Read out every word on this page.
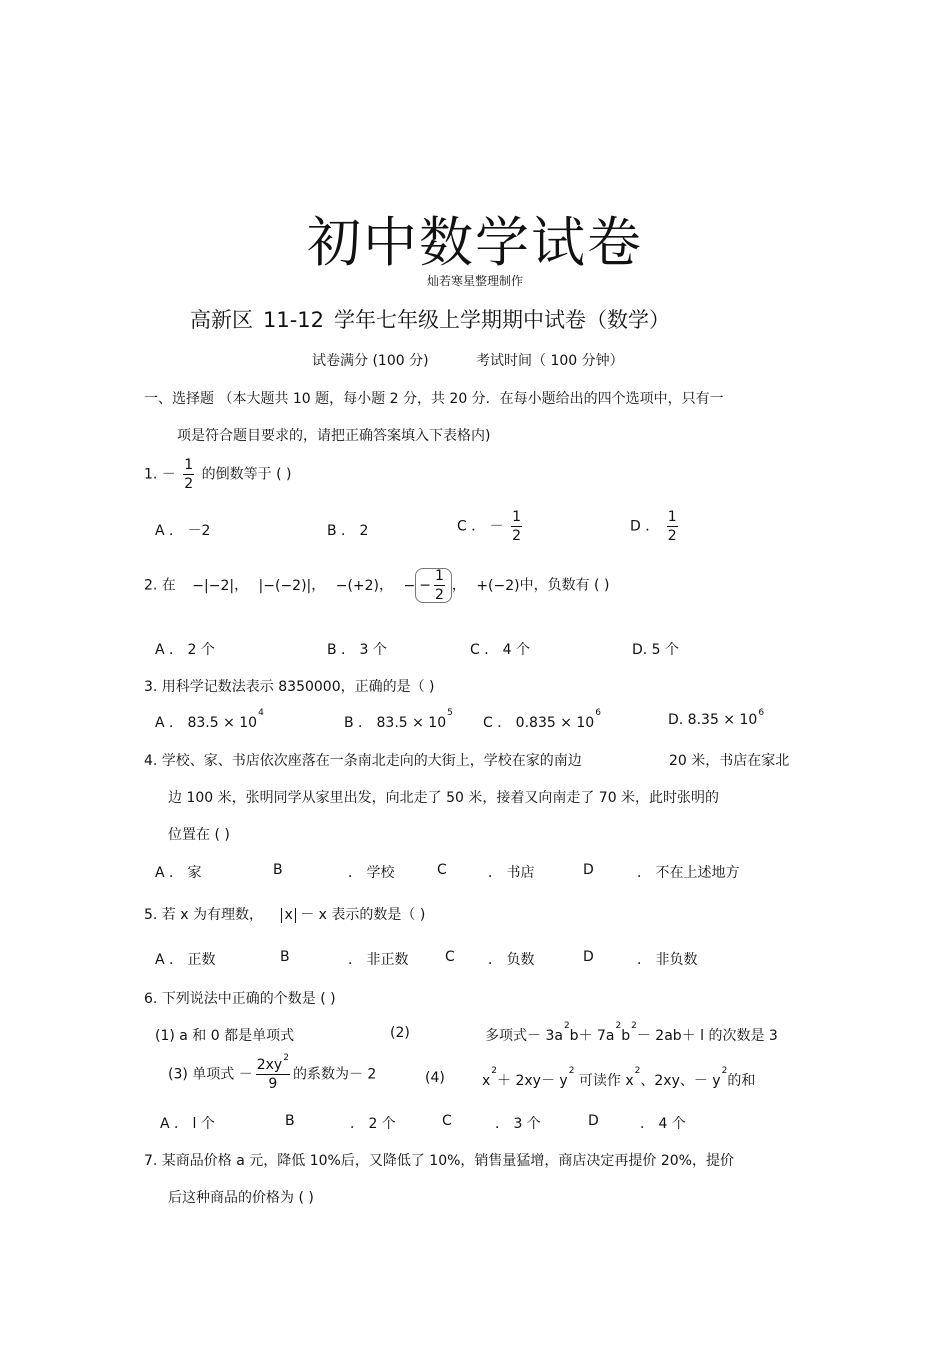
初中数学试卷
灿若寒星整理制作
高新区 11-12 学年七年级上学期期中试卷（数学）
试卷满分 (100 分)	考试时间（ 100 分钟）
一、选择题 （本大题共 10 题，每小题 2 分，共 20 分．在每小题给出的四个选项中，只有一
项是符合题目要求的，请把正确答案填入下表格内)
1. － $\frac{1}{2}$ 的倒数等于 ( )
A ． －2	B ． 2	C ． － $\frac{1}{2}$	D ． $\frac{1}{2}$
2. 在 −|−2|， |−(−2)|， −(+2)， − − $\frac{1}{2}$ ， +(−2)中，负数有 ( )
A ． 2 个	B ． 3 个	C ． 4 个	D. 5 个
3. 用科学记数法表示 8350000，正确的是（ )
A ． $83.5 \times 10^4$
B ． $83.5 \times 10^5$
C ． $0.835 \times 10^6$	D. $8.35 \times 10^6$
4. 学校、家、书店依次座落在一条南北走向的大街上，学校在家的南边	20 米，书店在家北
边 100 米，张明同学从家里出发，向北走了 50 米，接着又向南走了 70 米，此时张明的
位置在 ( )
A ． 家	B	． 学校	C	． 书店	D	． 不在上述地方
5. 若 x 为有理数， x － x 表示的数是（ )
A ． 正数	B	． 非正数	C ． 负数	D	． 非负数
6. 下列说法中正确的个数是 ( )
(1) a 和 0 都是单项式	(2)	多项式－ $3a^2b+ 7a^2b^2- 2ab+ l$ 的次数是 3
(3) 单项式 － $\frac{2xy^2}{9}$ 的系数为－ 2	(4)	$x^2+ 2xy- y^2$ 可读作 $x^2$、2xy、－ $y^2$的和
A ． l 个	B	． 2 个	C	． 3 个	D	． 4 个
7. 某商品价格 a 元，降低 10%后，又降低了 10%，销售量猛增，商店决定再提价 20%，提价
后这种商品的价格为 ( )
